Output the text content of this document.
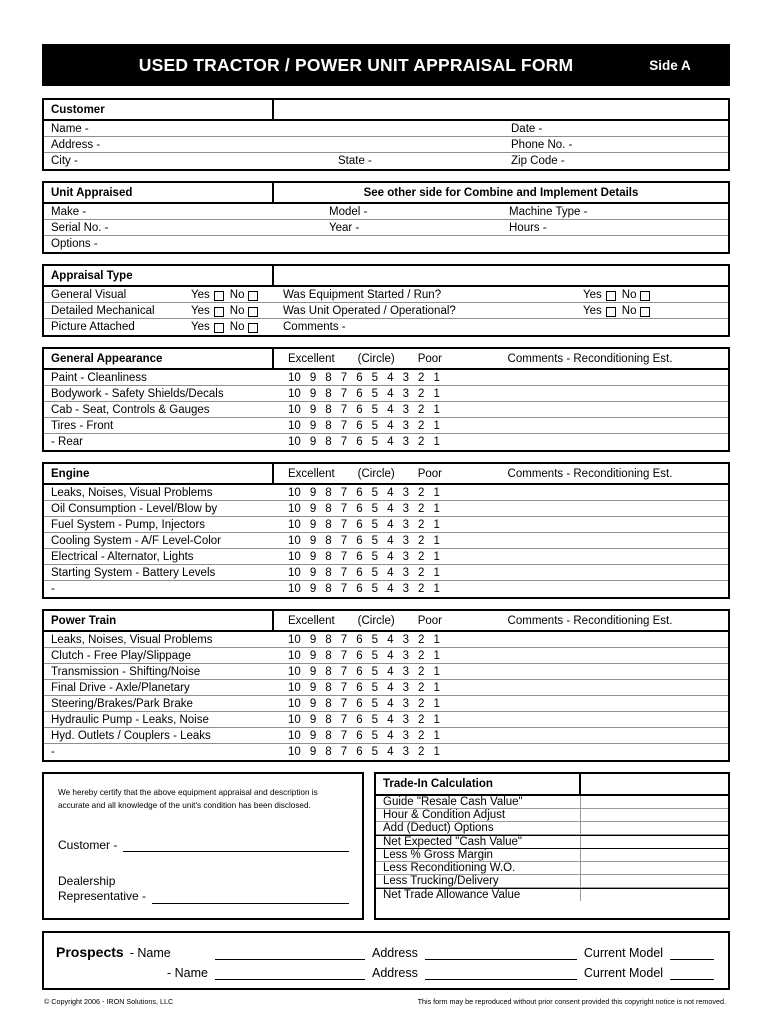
USED TRACTOR / POWER UNIT APPRAISAL FORM	Side A
Customer
Name -	Date -
Address -	Phone No. -
City -	State -	Zip Code -
Unit Appraised	See other side for Combine and Implement Details
Make -	Model -	Machine Type -
Serial No. -	Year -	Hours -
Options -
Appraisal Type
General Visual	Yes No	Was Equipment Started / Run?	Yes No
Detailed Mechanical	Yes No	Was Unit Operated / Operational?	Yes No
Picture Attached	Yes No	Comments -
General Appearance	Excellent (Circle) Poor	Comments - Reconditioning Est.
Paint - Cleanliness	10 9 8 7 6 5 4 3 2 1
Bodywork - Safety Shields/Decals	10 9 8 7 6 5 4 3 2 1
Cab - Seat, Controls & Gauges	10 9 8 7 6 5 4 3 2 1
Tires - Front	10 9 8 7 6 5 4 3 2 1
- Rear	10 9 8 7 6 5 4 3 2 1
Engine	Excellent (Circle) Poor	Comments - Reconditioning Est.
Leaks, Noises, Visual Problems	10 9 8 7 6 5 4 3 2 1
Oil Consumption - Level/Blow by	10 9 8 7 6 5 4 3 2 1
Fuel System - Pump, Injectors	10 9 8 7 6 5 4 3 2 1
Cooling System - A/F Level-Color	10 9 8 7 6 5 4 3 2 1
Electrical - Alternator, Lights	10 9 8 7 6 5 4 3 2 1
Starting System - Battery Levels	10 9 8 7 6 5 4 3 2 1
-	10 9 8 7 6 5 4 3 2 1
Power Train	Excellent (Circle) Poor	Comments - Reconditioning Est.
Leaks, Noises, Visual Problems	10 9 8 7 6 5 4 3 2 1
Clutch - Free Play/Slippage	10 9 8 7 6 5 4 3 2 1
Transmission - Shifting/Noise	10 9 8 7 6 5 4 3 2 1
Final Drive - Axle/Planetary	10 9 8 7 6 5 4 3 2 1
Steering/Brakes/Park Brake	10 9 8 7 6 5 4 3 2 1
Hydraulic Pump - Leaks, Noise	10 9 8 7 6 5 4 3 2 1
Hyd. Outlets / Couplers - Leaks	10 9 8 7 6 5 4 3 2 1
-	10 9 8 7 6 5 4 3 2 1
We hereby certify that the above equipment appraisal and description is accurate and all knowledge of the unit's condition has been disclosed.
Customer -
Dealership
Representative -
Trade-In Calculation
Guide "Resale Cash Value"
Hour & Condition Adjust
Add (Deduct) Options
Net Expected "Cash Value"
Less % Gross Margin
Less Reconditioning W.O.
Less Trucking/Delivery
Net Trade Allowance Value
Prospects - Name	Address	Current Model
- Name	Address	Current Model
© Copyright 2006 - IRON Solutions, LLC	This form may be reproduced without prior consent provided this copyright notice is not removed.
